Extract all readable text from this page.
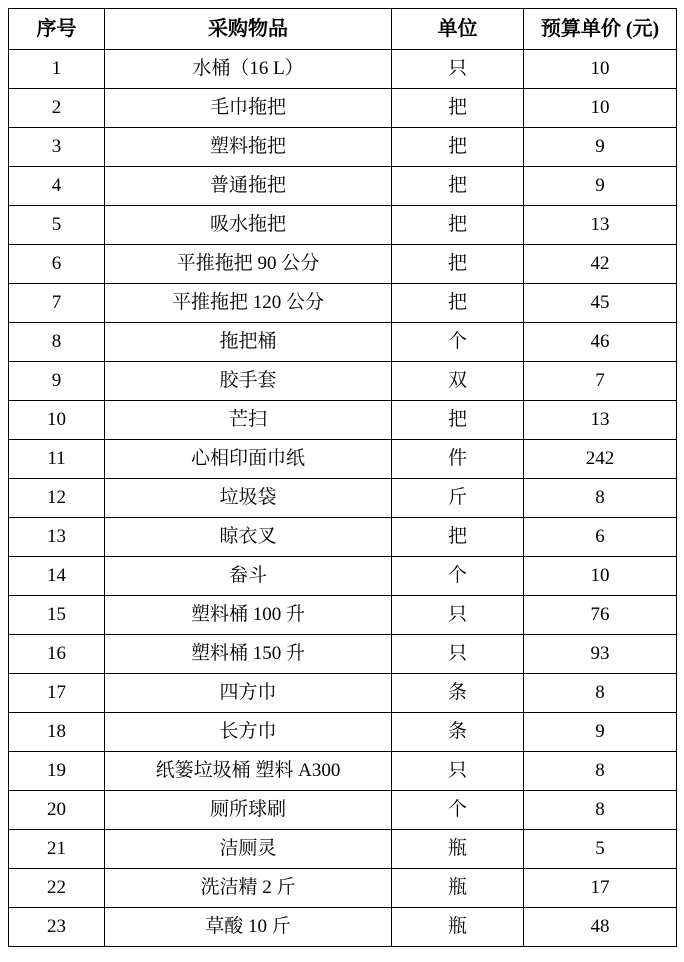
序号	采购物品	单位	预算单价 (元)
1	水桶（16 L）	只	10
2	毛巾拖把	把	10
3	塑料拖把	把	9
4	普通拖把	把	9
5	吸水拖把	把	13
6	平推拖把 90 公分	把	42
7	平推拖把 120 公分	把	45
8	拖把桶	个	46
9	胶手套	双	7
10	芒扫	把	13
11	心相印面巾纸	件	242
12	垃圾袋	斤	8
13	晾衣叉	把	6
14	畚斗	个	10
15	塑料桶 100 升	只	76
16	塑料桶 150 升	只	93
17	四方巾	条	8
18	长方巾	条	9
19	纸篓垃圾桶 塑料 A300	只	8
20	厕所球刷	个	8
21	洁厕灵	瓶	5
22	洗洁精 2 斤	瓶	17
23	草酸 10 斤	瓶	48
